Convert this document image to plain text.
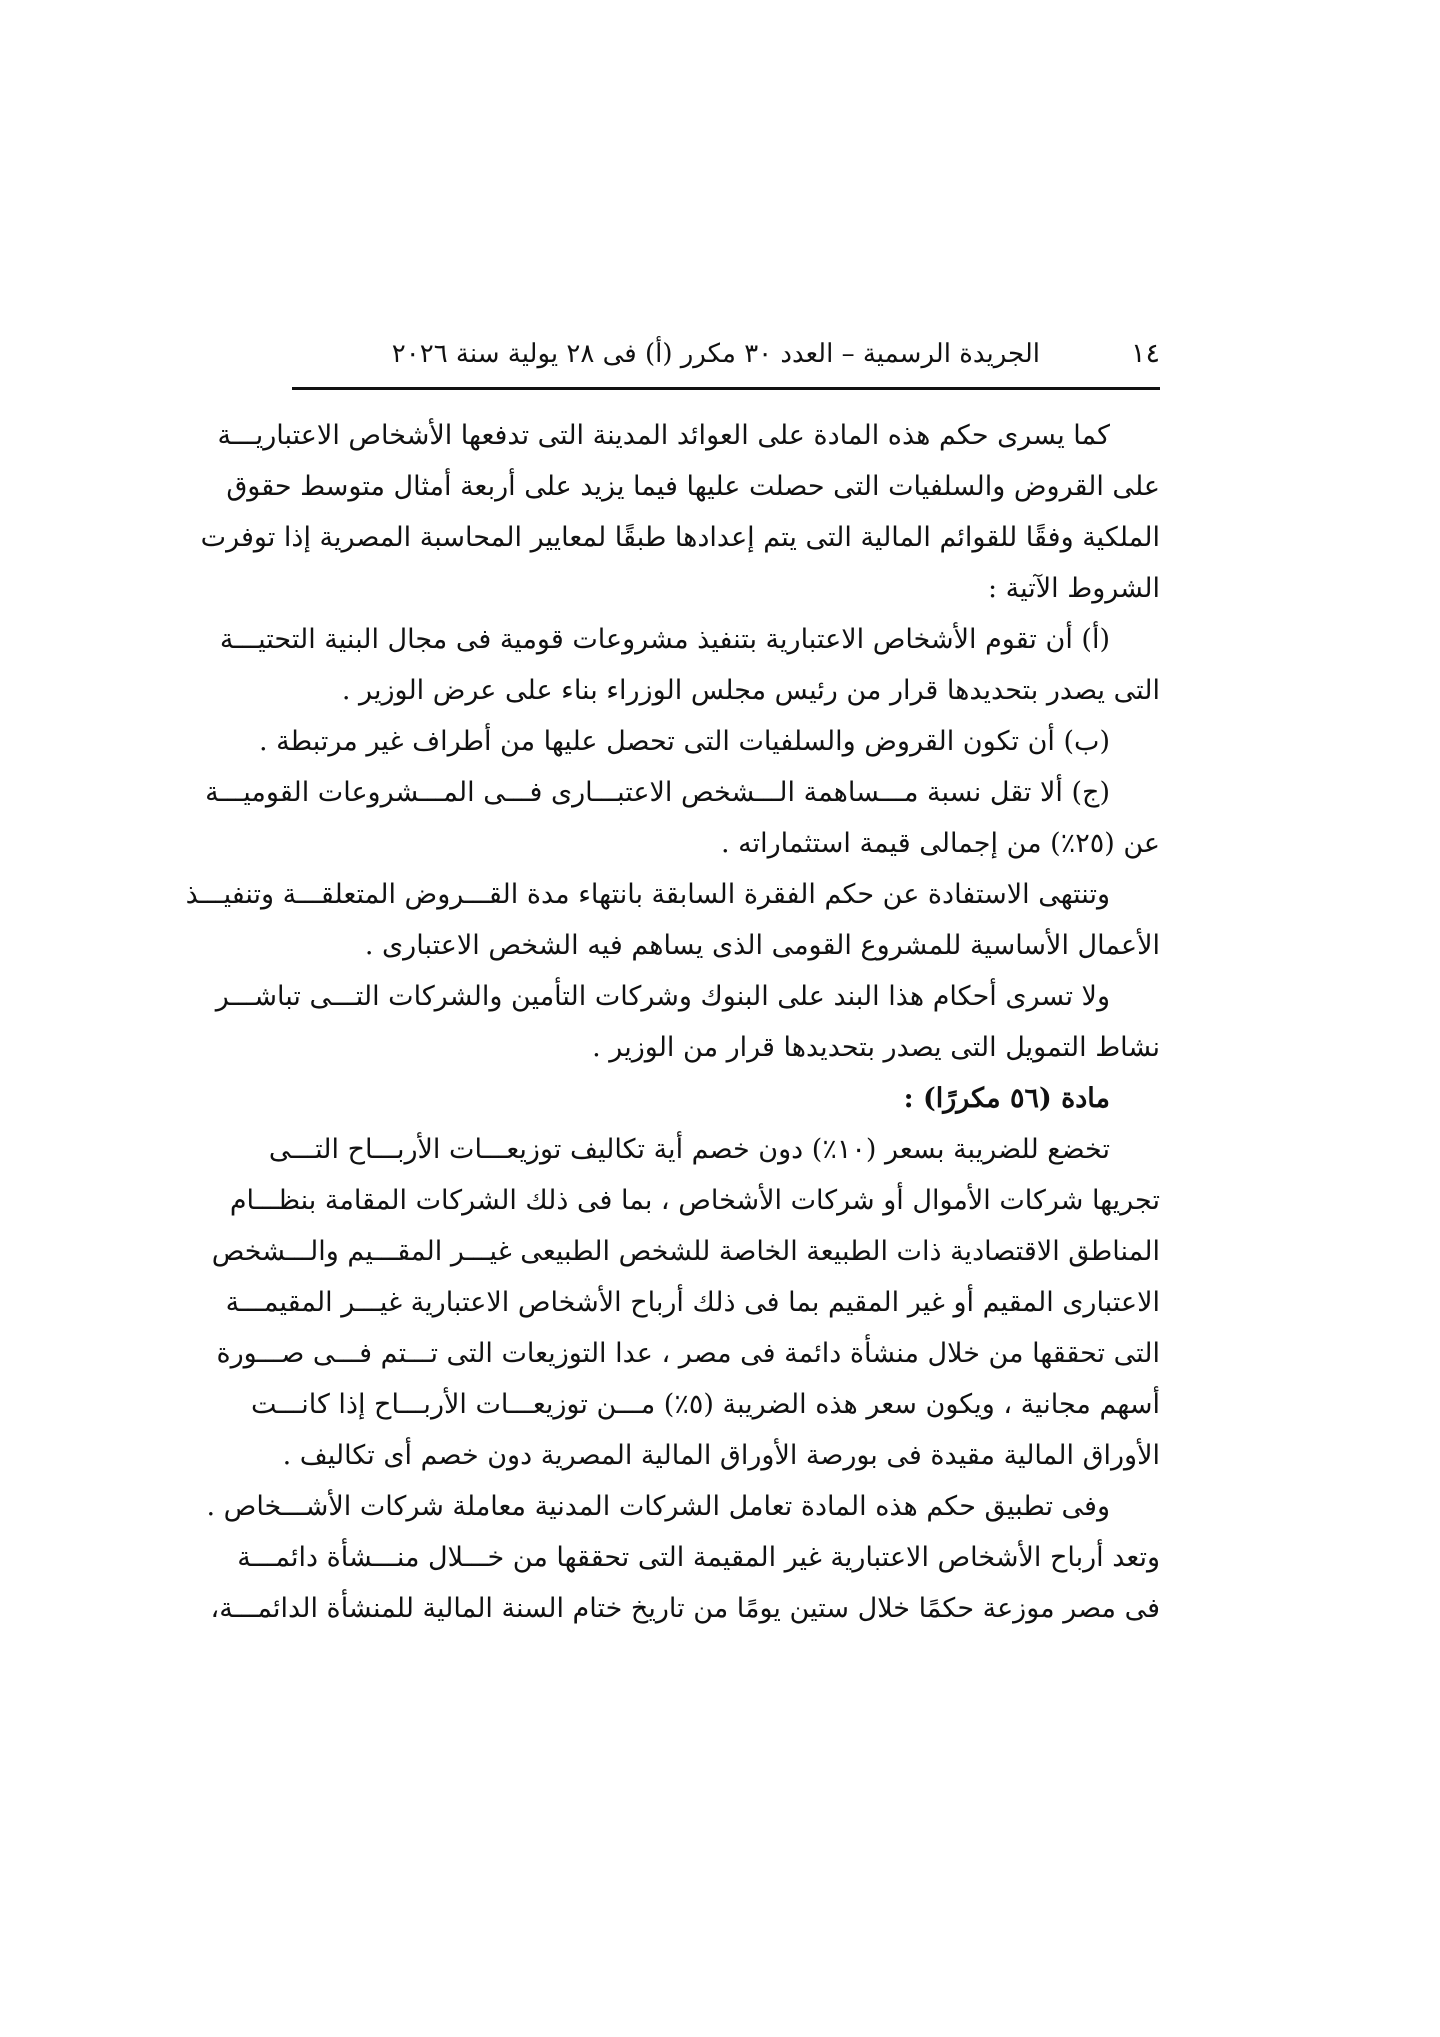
١٤
الجريدة الرسمية – العدد ٣٠ مكرر (أ) فى ٢٨ يولية سنة ٢٠٢٦
كما يسرى حكم هذه المادة على العوائد المدينة التى تدفعها الأشخاص الاعتباريـــة
على القروض والسلفيات التى حصلت عليها فيما يزيد على أربعة أمثال متوسط حقوق
الملكية وفقًا للقوائم المالية التى يتم إعدادها طبقًا لمعايير المحاسبة المصرية إذا توفرت
الشروط الآتية :
(أ) أن تقوم الأشخاص الاعتبارية بتنفيذ مشروعات قومية فى مجال البنية التحتيـــة
التى يصدر بتحديدها قرار من رئيس مجلس الوزراء بناء على عرض الوزير .
(ب) أن تكون القروض والسلفيات التى تحصل عليها من أطراف غير مرتبطة .
(ج) ألا تقل نسبة مـــساهمة الـــشخص الاعتبـــارى فـــى المـــشروعات القوميـــة
عن (٢٥٪) من إجمالى قيمة استثماراته .
وتنتهى الاستفادة عن حكم الفقرة السابقة بانتهاء مدة القـــروض المتعلقـــة وتنفيـــذ
الأعمال الأساسية للمشروع القومى الذى يساهم فيه الشخص الاعتبارى .
ولا تسرى أحكام هذا البند على البنوك وشركات التأمين والشركات التـــى تباشـــر
نشاط التمويل التى يصدر بتحديدها قرار من الوزير .
مادة (٥٦ مكررًا) :
تخضع للضريبة بسعر (١٠٪) دون خصم أية تكاليف توزيعـــات الأربـــاح التـــى
تجريها شركات الأموال أو شركات الأشخاص ، بما فى ذلك الشركات المقامة بنظـــام
المناطق الاقتصادية ذات الطبيعة الخاصة للشخص الطبيعى غيـــر المقـــيم والـــشخص
الاعتبارى المقيم أو غير المقيم بما فى ذلك أرباح الأشخاص الاعتبارية غيـــر المقيمـــة
التى تحققها من خلال منشأة دائمة فى مصر ، عدا التوزيعات التى تـــتم فـــى صـــورة
أسهم مجانية ، ويكون سعر هذه الضريبة (٥٪) مـــن توزيعـــات الأربـــاح إذا كانـــت
الأوراق المالية مقيدة فى بورصة الأوراق المالية المصرية دون خصم أى تكاليف .
وفى تطبيق حكم هذه المادة تعامل الشركات المدنية معاملة شركات الأشـــخاص .
وتعد أرباح الأشخاص الاعتبارية غير المقيمة التى تحققها من خـــلال منـــشأة دائمـــة
فى مصر موزعة حكمًا خلال ستين يومًا من تاريخ ختام السنة المالية للمنشأة الدائمـــة،
